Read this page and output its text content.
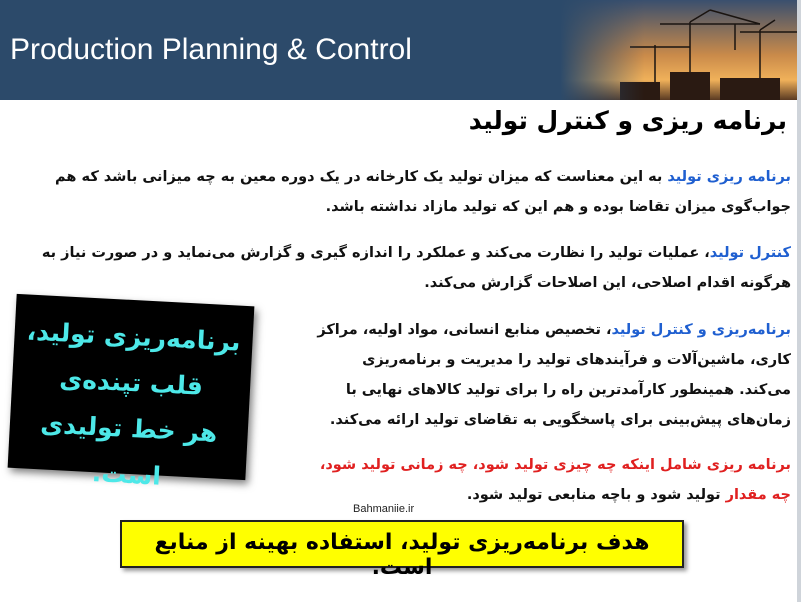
Production Planning & Control
برنامه ریزی و کنترل تولید
برنامه ریزی تولید به این معناست که میزان تولید یک کارخانه در یک دوره معین به چه میزانی باشد که هم جواب‌گوی میزان تقاضا بوده و هم این که تولید مازاد نداشته باشد.
کنترل تولید، عملیات تولید را نظارت می‌کند و عملکرد را اندازه گیری و گزارش می‌نماید و در صورت نیاز به هرگونه اقدام اصلاحی، این اصلاحات گزارش می‌کند.
برنامه‌ریزی و کنترل تولید، تخصیص منابع انسانی، مواد اولیه، مراکز کاری، ماشین‌آلات و فرآیندهای تولید را مدیریت و برنامه‌ریزی می‌کند. همینطور کارآمدترین راه را برای تولید کالاهای نهایی با زمان‌های پیش‌بینی برای پاسخگویی به تقاضای تولید ارائه می‌کند.
برنامه ریزی شامل اینکه چه چیزی تولید شود، چه زمانی تولید شود، چه مقدار تولید شود و باچه منابعی تولید شود.
برنامه‌ریزی تولید،
قلب تپنده‌ی
هر خط تولیدی است.
Bahmaniie.ir
هدف برنامه‌ریزی تولید، استفاده بهینه از منابع است.
